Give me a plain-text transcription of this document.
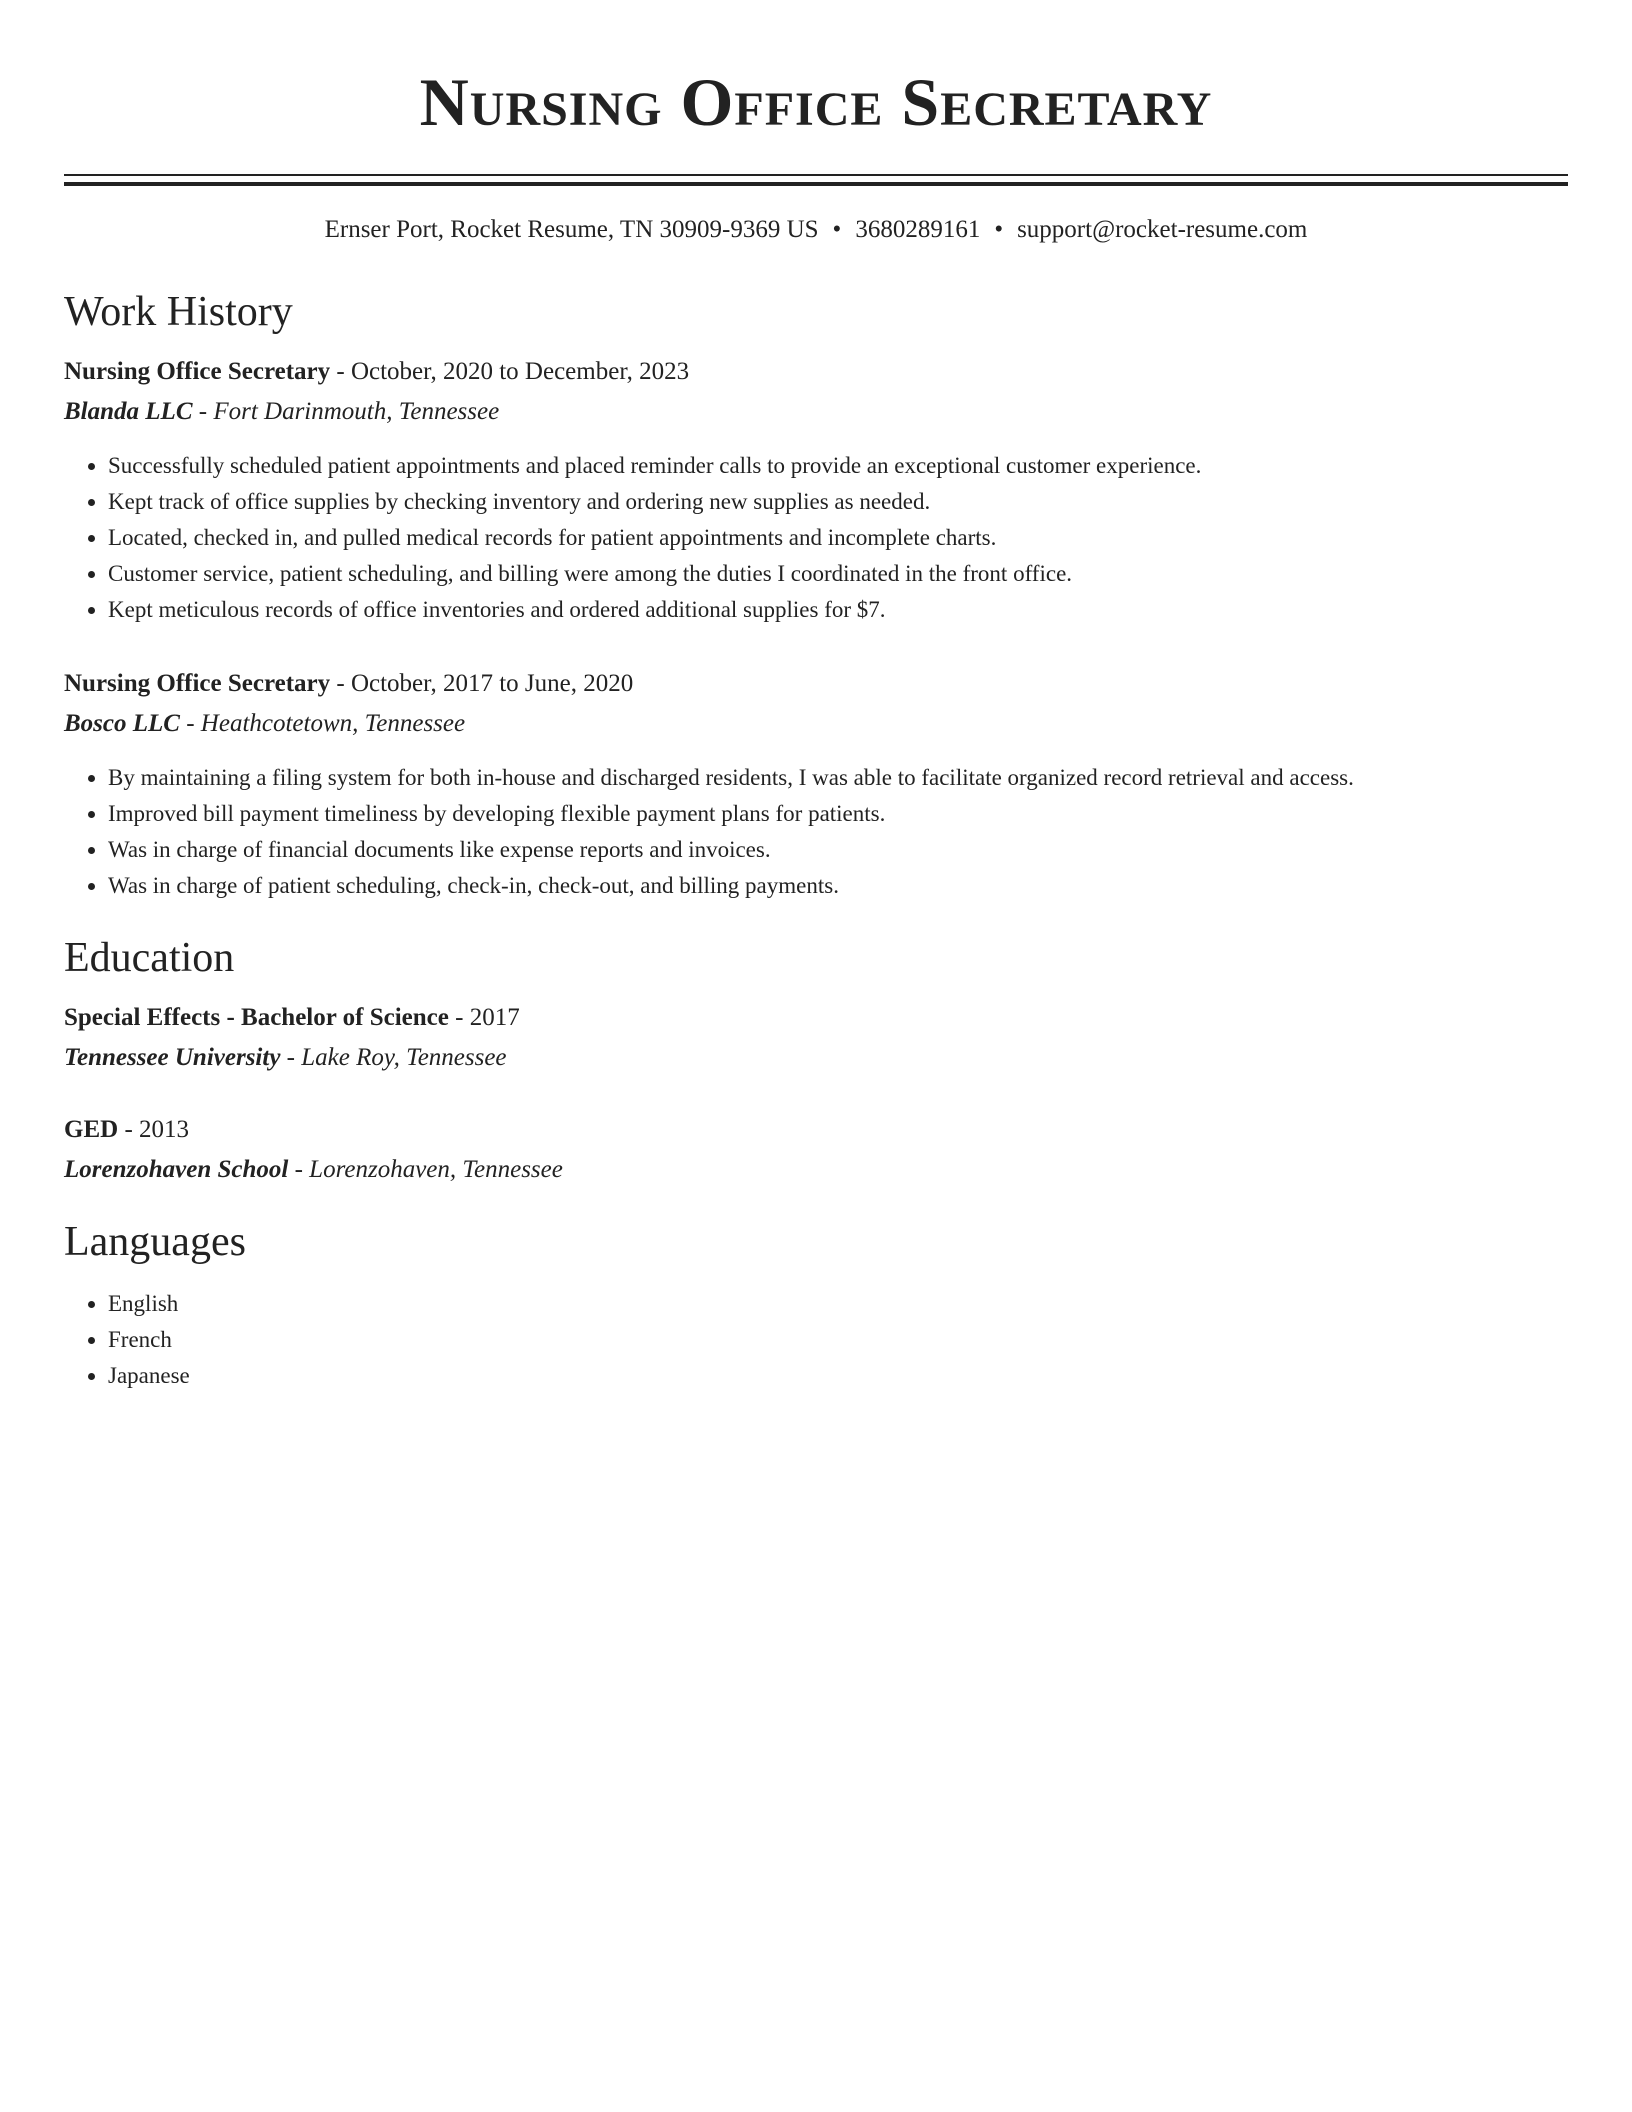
Nursing Office Secretary
Ernser Port, Rocket Resume, TN 30909-9369 US • 3680289161 • support@rocket-resume.com
Work History
Nursing Office Secretary - October, 2020 to December, 2023
Blanda LLC - Fort Darinmouth, Tennessee
• Successfully scheduled patient appointments and placed reminder calls to provide an exceptional customer experience.
• Kept track of office supplies by checking inventory and ordering new supplies as needed.
• Located, checked in, and pulled medical records for patient appointments and incomplete charts.
• Customer service, patient scheduling, and billing were among the duties I coordinated in the front office.
• Kept meticulous records of office inventories and ordered additional supplies for $7.
Nursing Office Secretary - October, 2017 to June, 2020
Bosco LLC - Heathcotetown, Tennessee
• By maintaining a filing system for both in-house and discharged residents, I was able to facilitate organized record retrieval and access.
• Improved bill payment timeliness by developing flexible payment plans for patients.
• Was in charge of financial documents like expense reports and invoices.
• Was in charge of patient scheduling, check-in, check-out, and billing payments.
Education
Special Effects - Bachelor of Science - 2017
Tennessee University - Lake Roy, Tennessee
GED - 2013
Lorenzohaven School - Lorenzohaven, Tennessee
Languages
• English
• French
• Japanese
